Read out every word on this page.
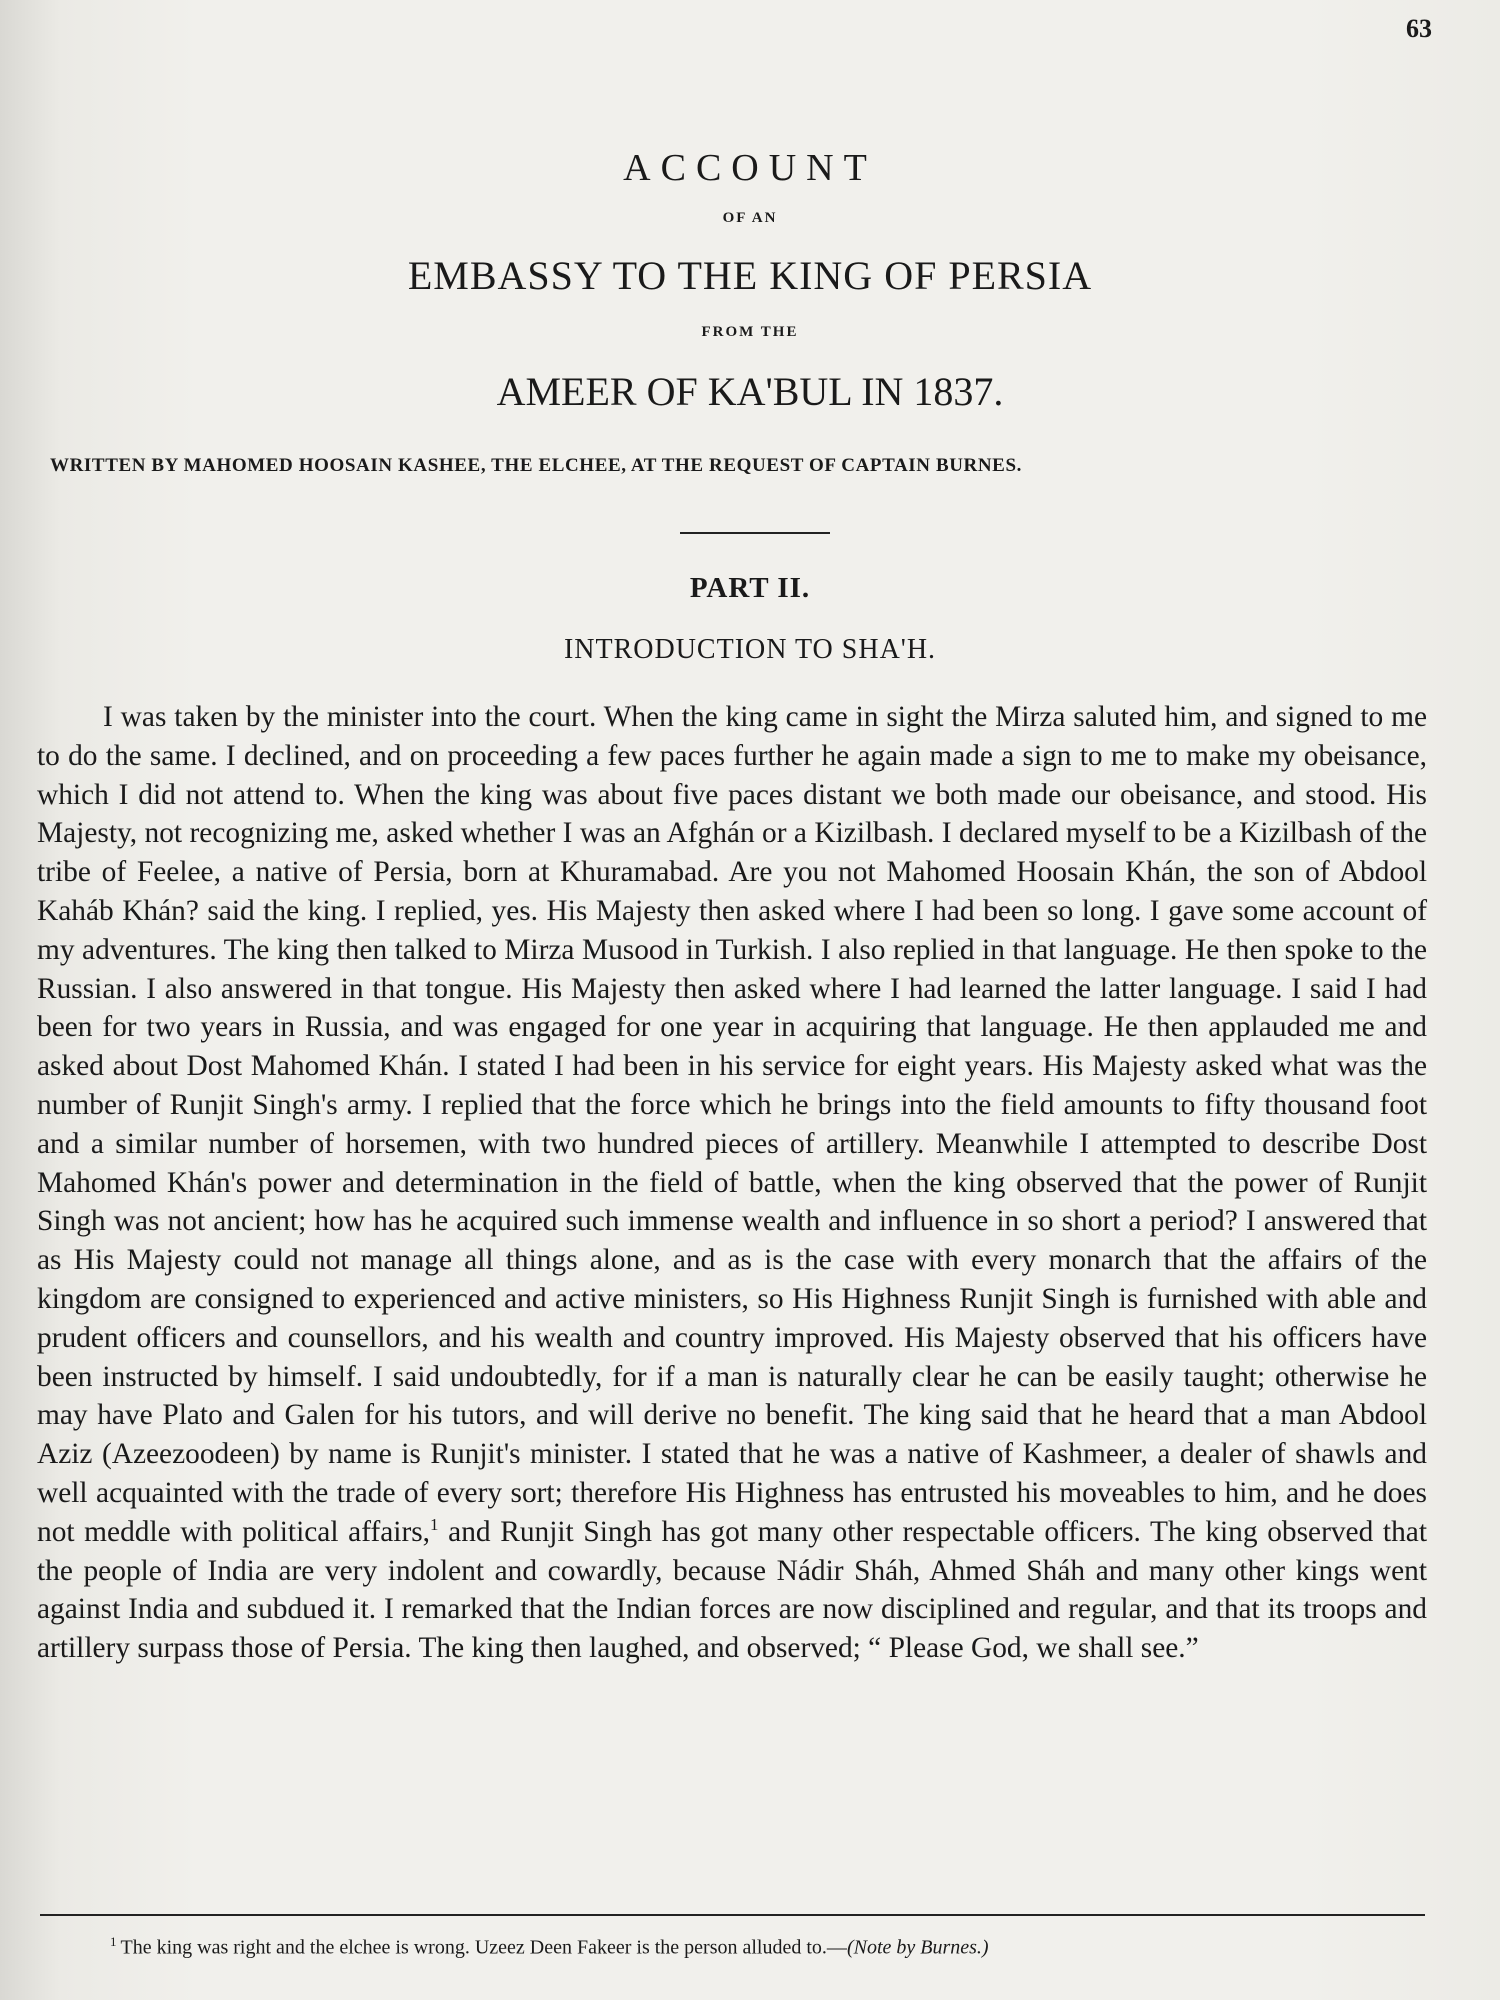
63
ACCOUNT
OF AN
EMBASSY TO THE KING OF PERSIA
FROM THE
AMEER OF KA'BUL IN 1837.
WRITTEN BY MAHOMED HOOSAIN KASHEE, THE ELCHEE, AT THE REQUEST OF CAPTAIN BURNES.
PART II.
INTRODUCTION TO SHA'H.

I was taken by the minister into the court. When the king came in sight the Mirza saluted him, and signed to me to do the same. I declined, and on proceeding a few paces further he again made a sign to me to make my obeisance, which I did not attend to. When the king was about five paces distant we both made our obeisance, and stood. His Majesty, not recognizing me, asked whether I was an Afghán or a Kizilbash. I declared myself to be a Kizilbash of the tribe of Feelee, a native of Persia, born at Khuramabad. Are you not Mahomed Hoosain Khán, the son of Abdool Kaháb Khán? said the king. I replied, yes. His Majesty then asked where I had been so long. I gave some account of my adventures. The king then talked to Mirza Musood in Turkish. I also replied in that language. He then spoke to the Russian. I also answered in that tongue. His Majesty then asked where I had learned the latter language. I said I had been for two years in Russia, and was engaged for one year in acquiring that language. He then applauded me and asked about Dost Mahomed Khán. I stated I had been in his service for eight years. His Majesty asked what was the number of Runjit Singh's army. I replied that the force which he brings into the field amounts to fifty thousand foot and a similar number of horsemen, with two hundred pieces of artillery. Meanwhile I attempted to describe Dost Mahomed Khán's power and determination in the field of battle, when the king observed that the power of Runjit Singh was not ancient; how has he acquired such immense wealth and influence in so short a period? I answered that as His Majesty could not manage all things alone, and as is the case with every monarch that the affairs of the kingdom are consigned to experienced and active ministers, so His Highness Runjit Singh is furnished with able and prudent officers and counsellors, and his wealth and country improved. His Majesty observed that his officers have been instructed by himself. I said undoubtedly, for if a man is naturally clear he can be easily taught; otherwise he may have Plato and Galen for his tutors, and will derive no benefit. The king said that he heard that a man Abdool Aziz (Azeezoodeen) by name is Runjit's minister. I stated that he was a native of Kashmeer, a dealer of shawls and well acquainted with the trade of every sort; therefore His Highness has entrusted his moveables to him, and he does not meddle with political affairs,$^1$ and Runjit Singh has got many other respectable officers. The king observed that the people of India are very indolent and cowardly, because Nádir Sháh, Ahmed Sháh and many other kings went against India and subdued it. I remarked that the Indian forces are now disciplined and regular, and that its troops and artillery surpass those of Persia. The king then laughed, and observed; “ Please God, we shall see.”

$^1$ The king was right and the elchee is wrong. Uzeez Deen Fakeer is the person alluded to.—(Note by Burnes.)
